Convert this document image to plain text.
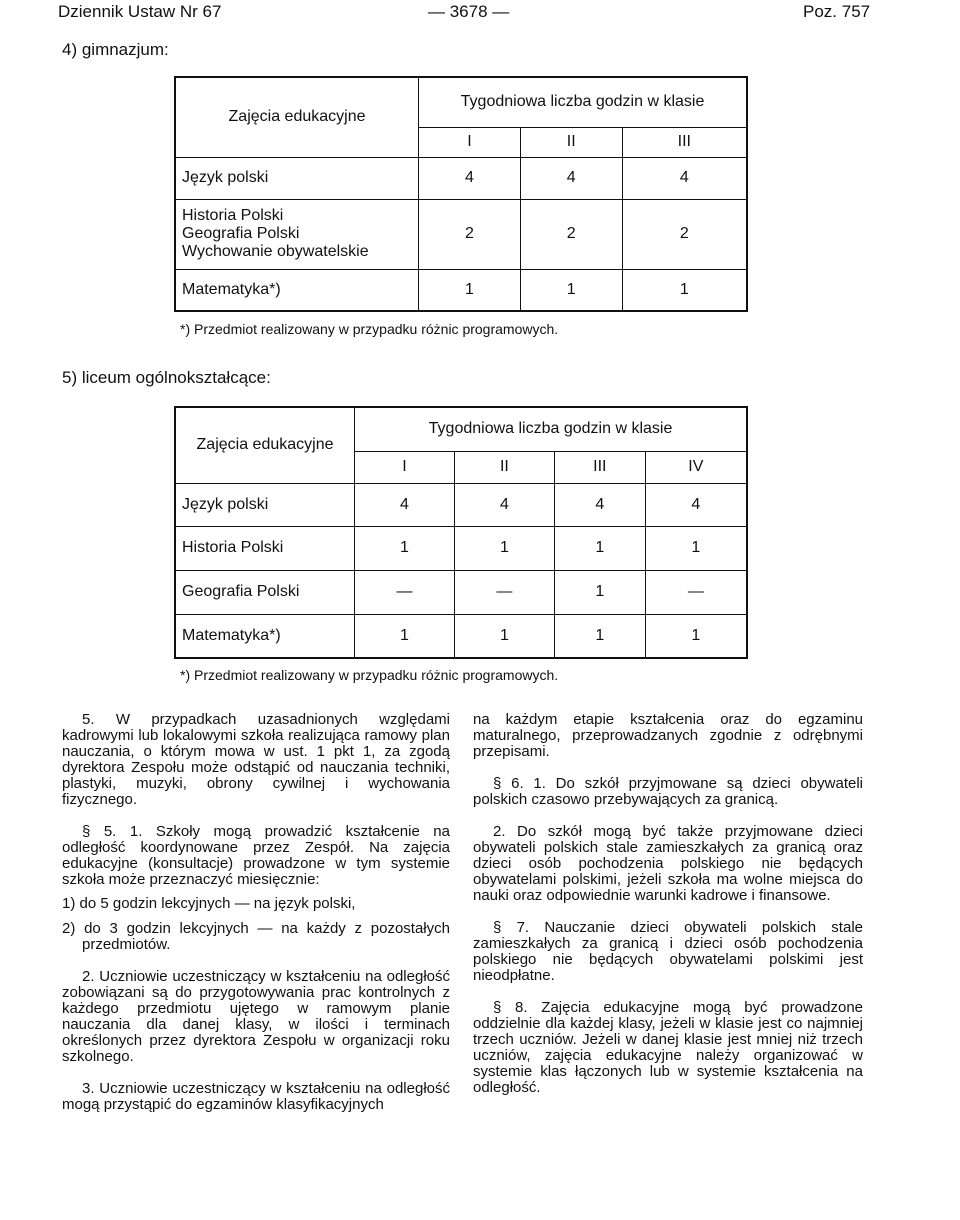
Dziennik Ustaw Nr 67	— 3678 —	Poz. 757
4) gimnazjum:
Zajęcia edukacyjne	Tygodniowa liczba godzin w klasie		
	I	II	III
Język polski	4	4	4

Historia Polski
Geografia Polski
Wychowanie obywatelskie	2	2	2
Matematyka*)	1	1	1
*) Przedmiot realizowany w przypadku różnic programowych.
5) liceum ogólnokształcące:
Zajęcia edukacyjne	Tygodniowa liczba godzin w klasie			
	I	II	III	IV
Język polski	4	4	4	4
Historia Polski	1	1	1	1
Geografia Polski	—	—	1	—
Matematyka*)	1	1	1	1
*) Przedmiot realizowany w przypadku różnic programowych.

5. W przypadkach uzasadnionych względami kadrowymi lub lokalowymi szkoła realizująca ramowy plan nauczania, o którym mowa w ust. 1 pkt 1, za zgodą dyrektora Zespołu może odstąpić od nauczania techniki, plastyki, muzyki, obrony cywilnej i wychowania fizycznego.

§ 5. 1. Szkoły mogą prowadzić kształcenie na odległość koordynowane przez Zespół. Na zajęcia edukacyjne (konsultacje) prowadzone w tym systemie szkoła może przeznaczyć miesięcznie:

1) do 5 godzin lekcyjnych — na język polski,

2) do 3 godzin lekcyjnych — na każdy z pozostałych przedmiotów.

2. Uczniowie uczestniczący w kształceniu na odległość zobowiązani są do przygotowywania prac kontrolnych z każdego przedmiotu ujętego w ramowym planie nauczania dla danej klasy, w ilości i terminach określonych przez dyrektora Zespołu w organizacji roku szkolnego.

3. Uczniowie uczestniczący w kształceniu na odległość mogą przystąpić do egzaminów klasyfikacyjnych

na każdym etapie kształcenia oraz do egzaminu maturalnego, przeprowadzanych zgodnie z odrębnymi przepisami.

§ 6. 1. Do szkół przyjmowane są dzieci obywateli polskich czasowo przebywających za granicą.

2. Do szkół mogą być także przyjmowane dzieci obywateli polskich stale zamieszkałych za granicą oraz dzieci osób pochodzenia polskiego nie będących obywatelami polskimi, jeżeli szkoła ma wolne miejsca do nauki oraz odpowiednie warunki kadrowe i finansowe.

§ 7. Nauczanie dzieci obywateli polskich stale zamieszkałych za granicą i dzieci osób pochodzenia polskiego nie będących obywatelami polskimi jest nieodpłatne.

§ 8. Zajęcia edukacyjne mogą być prowadzone oddzielnie dla każdej klasy, jeżeli w klasie jest co najmniej trzech uczniów. Jeżeli w danej klasie jest mniej niż trzech uczniów, zajęcia edukacyjne należy organizować w systemie klas łączonych lub w systemie kształcenia na odległość.
